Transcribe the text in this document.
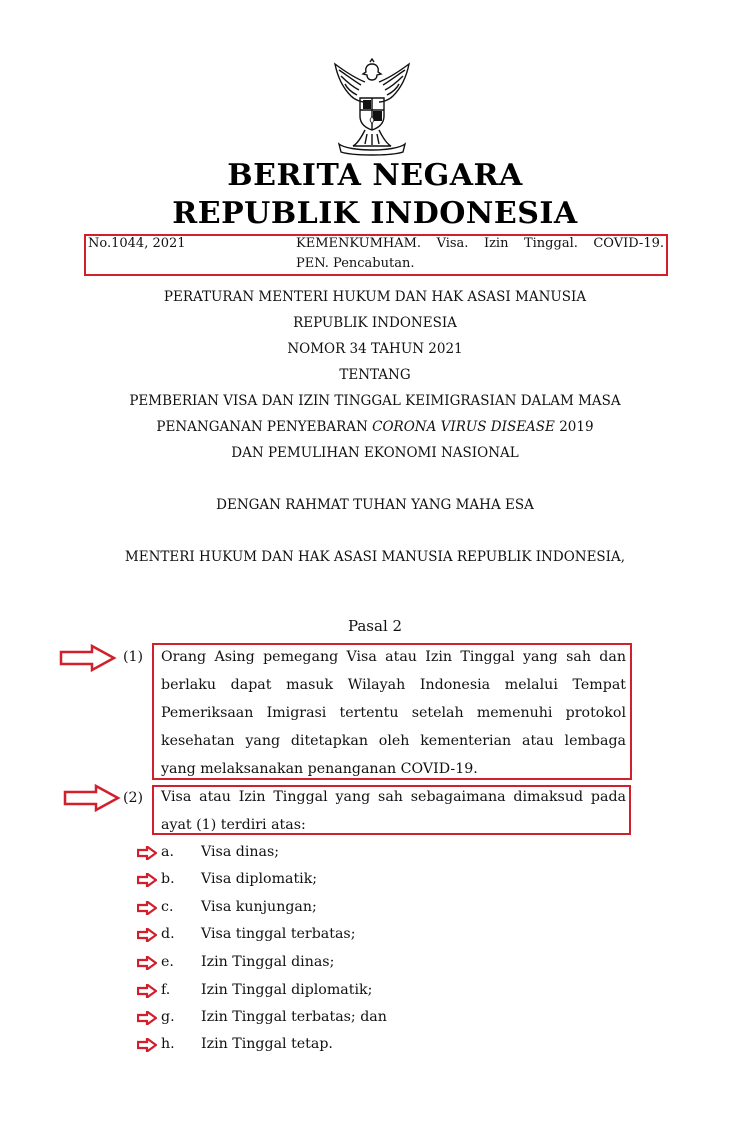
BERITA NEGARA
REPUBLIK INDONESIA
No.1044, 2021	KEMENKUMHAM. Visa. Izin Tinggal. COVID-19.
PEN. Pencabutan.
PERATURAN MENTERI HUKUM DAN HAK ASASI MANUSIA
REPUBLIK INDONESIA
NOMOR 34 TAHUN 2021
TENTANG
PEMBERIAN VISA DAN IZIN TINGGAL KEIMIGRASIAN DALAM MASA
PENANGANAN PENYEBARAN CORONA VIRUS DISEASE 2019
DAN PEMULIHAN EKONOMI NASIONAL
DENGAN RAHMAT TUHAN YANG MAHA ESA
MENTERI HUKUM DAN HAK ASASI MANUSIA REPUBLIK INDONESIA,
Pasal 2
(1) Orang Asing pemegang Visa atau Izin Tinggal yang sah dan

berlaku dapat masuk Wilayah Indonesia melalui Tempat

Pemeriksaan Imigrasi tertentu setelah memenuhi protokol

kesehatan yang ditetapkan oleh kementerian atau lembaga

yang melaksanakan penanganan COVID-19.

(2) Visa atau Izin Tinggal yang sah sebagaimana dimaksud pada

ayat (1) terdiri atas:

a. Visa dinas;
b. Visa diplomatik;
c. Visa kunjungan;
d. Visa tinggal terbatas;
e. Izin Tinggal dinas;
f. Izin Tinggal diplomatik;
g. Izin Tinggal terbatas; dan
h. Izin Tinggal tetap.
